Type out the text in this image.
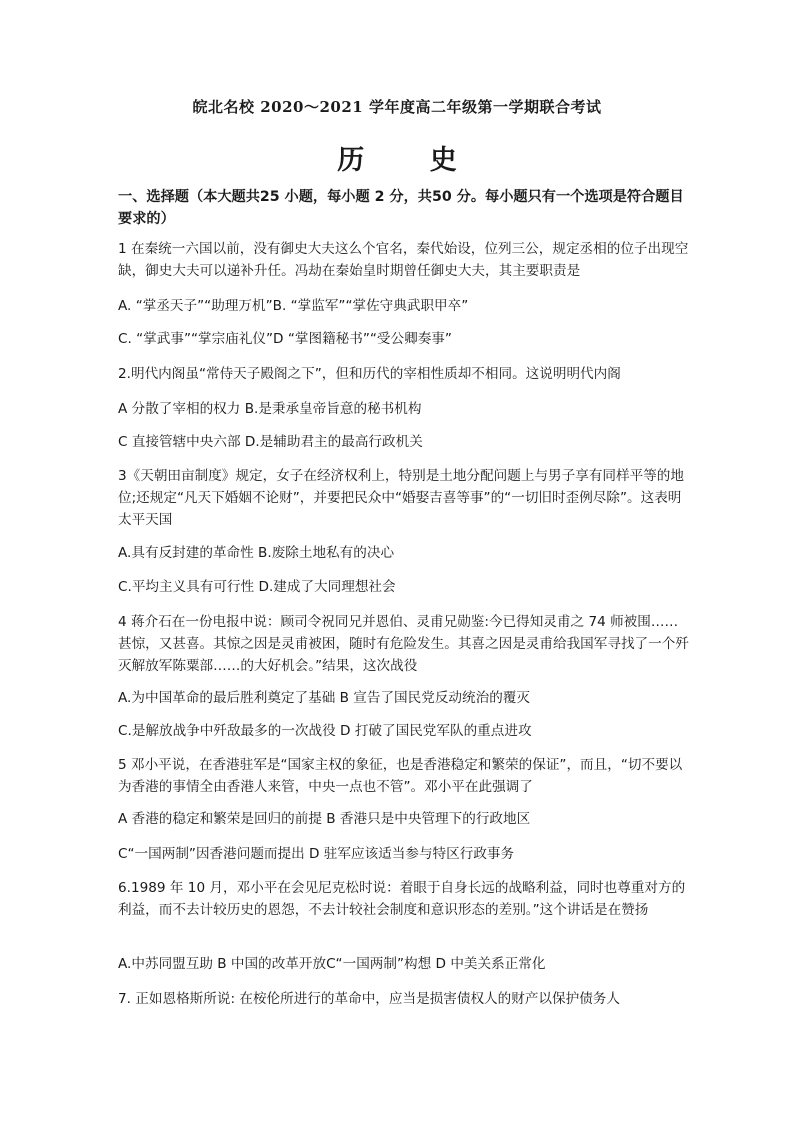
皖北名校 2020～2021 学年度高二年级第一学期联合考试
历 史
一、选择题（本大题共25 小题，每小题 2 分，共50 分。每小题只有一个选项是符合题目要求的）
1 在秦统一六国以前，没有御史大夫这么个官名，秦代始设，位列三公，规定丞相的位子出现空缺，御史大夫可以递补升任。冯劫在秦始皇时期曾任御史大夫，其主要职责是
A. “掌丞天子”“助理万机”B. “掌监军”“掌佐守典武职甲卒”
C. “掌武事”“掌宗庙礼仪”D “掌图籍秘书”“受公卿奏事”
2.明代内阁虽“常侍天子殿阁之下”，但和历代的宰相性质却不相同。这说明明代内阁
A 分散了宰相的权力 B.是秉承皇帝旨意的秘书机构
C 直接管辖中央六部 D.是辅助君主的最高行政机关
3《天朝田亩制度》规定，女子在经济权利上，特别是土地分配问题上与男子享有同样平等的地位;还规定“凡天下婚姻不论财”，并要把民众中“婚娶吉喜等事”的“一切旧时歪例尽除”。这表明太平天国
A.具有反封建的革命性 B.废除土地私有的决心
C.平均主义具有可行性 D.建成了大同理想社会
4 蒋介石在一份电报中说：顾司令祝同兄并恩伯、灵甫兄勋鉴:今已得知灵甫之 74 师被围……甚惊，又甚喜。其惊之因是灵甫被困，随时有危险发生。其喜之因是灵甫给我国军寻找了一个歼灭解放军陈粟部……的大好机会。”结果，这次战役
A.为中国革命的最后胜利奠定了基础 B 宣告了国民党反动统治的覆灭
C.是解放战争中歼敌最多的一次战役 D 打破了国民党军队的重点进攻
5 邓小平说，在香港驻军是“国家主权的象征，也是香港稳定和繁荣的保证”，而且，“切不要以为香港的事情全由香港人来管，中央一点也不管”。邓小平在此强调了
A 香港的稳定和繁荣是回归的前提 B 香港只是中央管理下的行政地区
C“一国两制”因香港问题而提出 D 驻军应该适当参与特区行政事务
6.1989 年 10 月，邓小平在会见尼克松时说：着眼于自身长远的战略利益，同时也尊重对方的利益，而不去计较历史的恩怨，不去计较社会制度和意识形态的差别。”这个讲话是在赞扬
A.中苏同盟互助 B 中国的改革开放C“一国两制”构想 D 中美关系正常化
7. 正如恩格斯所说: 在桉伦所进行的革命中，应当是损害债权人的财产以保护债务人
